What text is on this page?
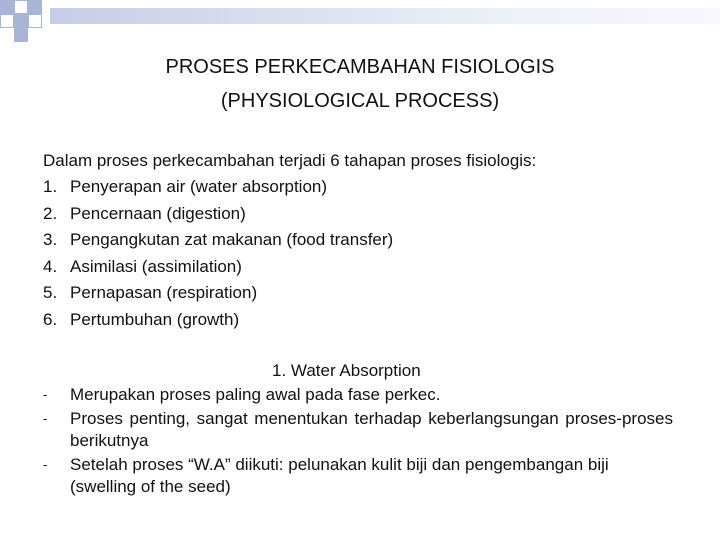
PROSES PERKECAMBAHAN FISIOLOGIS
(PHYSIOLOGICAL PROCESS)
Dalam proses perkecambahan terjadi 6 tahapan proses fisiologis:
1. Penyerapan air (water absorption)
2. Pencernaan (digestion)
3. Pengangkutan zat makanan (food transfer)
4. Asimilasi (assimilation)
5. Pernapasan (respiration)
6. Pertumbuhan (growth)
1. Water Absorption
- Merupakan proses paling awal pada fase perkec.
- Proses penting, sangat menentukan terhadap keberlangsungan proses-proses berikutnya
- Setelah proses “W.A” diikuti: pelunakan kulit biji dan pengembangan biji (swelling of the seed)
